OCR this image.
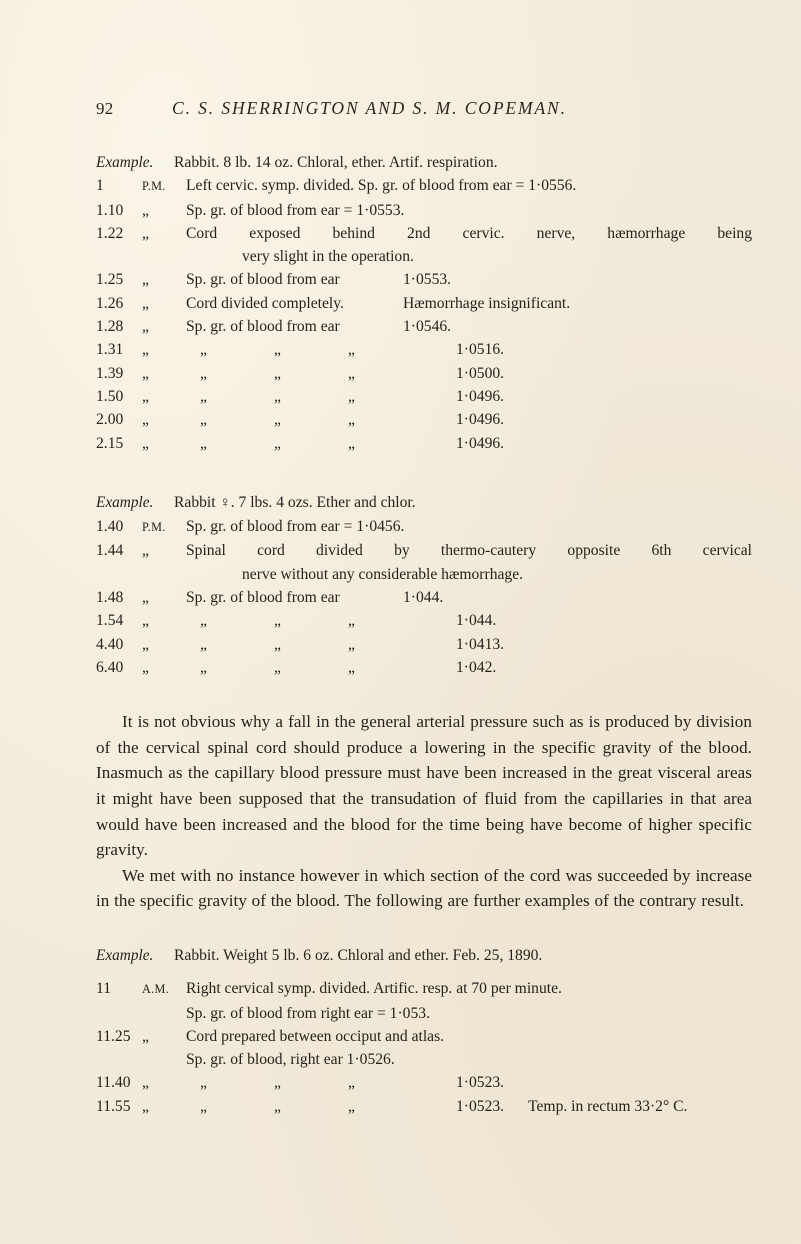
92	C. S. SHERRINGTON AND S. M. COPEMAN.
Example.	Rabbit. 8 lb. 14 oz. Chloral, ether. Artif. respiration.
1	P.M.	Left cervic. symp. divided. Sp. gr. of blood from ear = 1·0556.
1.10	„	Sp. gr. of blood from ear = 1·0553.
1.22	„	Cord exposed behind 2nd cervic. nerve, hæmorrhage being
very slight in the operation.
1.25	„	Sp. gr. of blood from ear	1·0553.
1.26	„	Cord divided completely.	Hæmorrhage insignificant.
1.28	„	Sp. gr. of blood from ear	1·0546.
1.31	„	„	„	„	1·0516.
1.39	„	„	„	„	1·0500.
1.50	„	„	„	„	1·0496.
2.00	„	„	„	„	1·0496.
2.15	„	„	„	„	1·0496.
Example.	Rabbit ♀. 7 lbs. 4 ozs. Ether and chlor.
1.40	P.M.	Sp. gr. of blood from ear = 1·0456.
1.44	„	Spinal cord divided by thermo-cautery opposite 6th cervical
nerve without any considerable hæmorrhage.
1.48	„	Sp. gr. of blood from ear	1·044.
1.54	„	„	„	„	1·044.
4.40	„	„	„	„	1·0413.
6.40	„	„	„	„	1·042.

It is not obvious why a fall in the general arterial pressure such as is produced by division of the cervical spinal cord should produce a lowering in the specific gravity of the blood. Inasmuch as the capillary blood pressure must have been increased in the great visceral areas it might have been supposed that the transudation of fluid from the capillaries in that area would have been increased and the blood for the time being have become of higher specific gravity.

We met with no instance however in which section of the cord was succeeded by increase in the specific gravity of the blood. The following are further examples of the contrary result.

Example.	Rabbit. Weight 5 lb. 6 oz. Chloral and ether. Feb. 25, 1890.
11	A.M.	Right cervical symp. divided. Artific. resp. at 70 per minute.
Sp. gr. of blood from right ear = 1·053.
11.25 „	Cord prepared between occiput and atlas.
Sp. gr. of blood, right ear 1·0526.
11.40 „	„	„	„	1·0523.
11.55 „	„	„	„	1·0523. Temp. in rectum 33·2° C.
